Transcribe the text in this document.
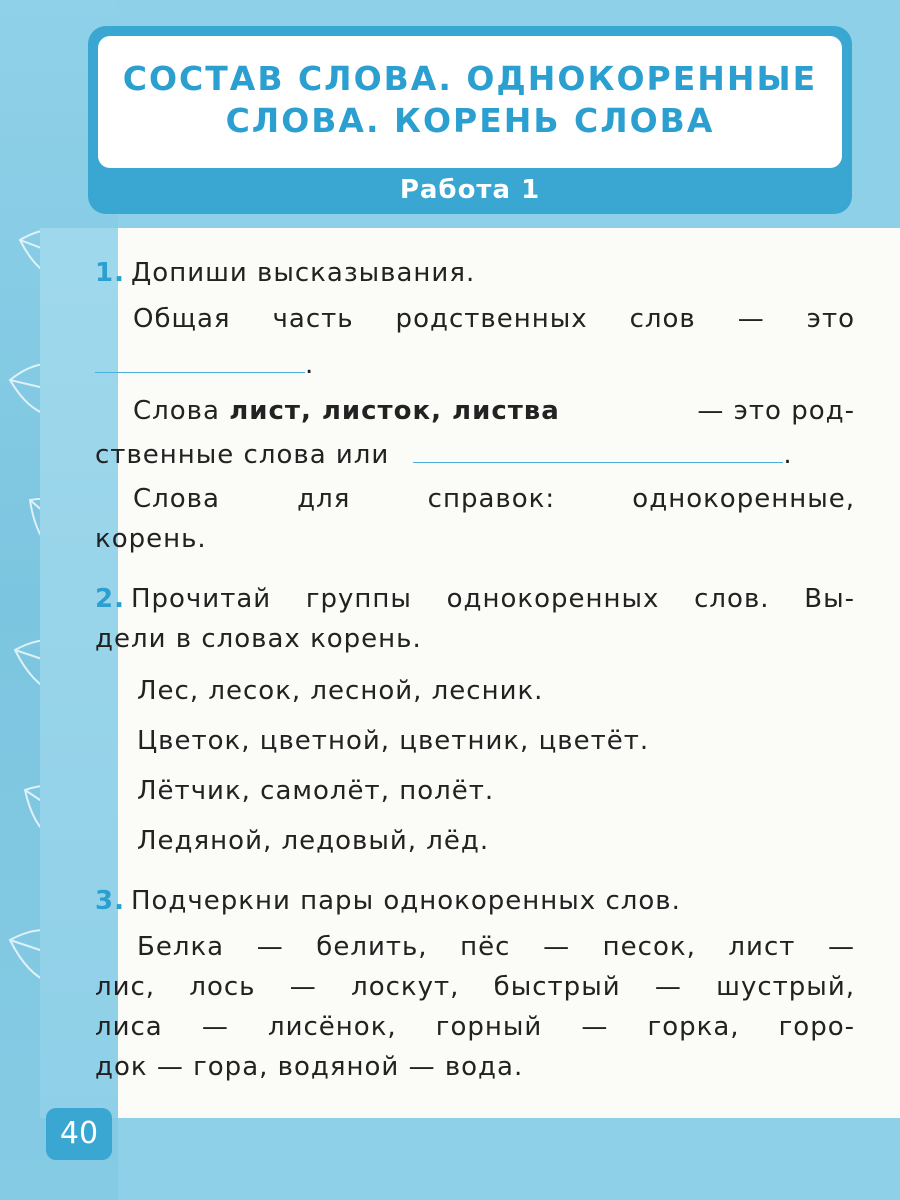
СОСТАВ СЛОВА. ОДНОКОРЕННЫЕ
СЛОВА. КОРЕНЬ СЛОВА
Работа 1
1. Допиши высказывания.
Общая часть родственных слов — это
.
Слова лист, листок, листва	— это род-
ственные слова или	.
Слова для справок: однокоренные,
корень.
2. Прочитай группы однокоренных слов. Вы-
дели в словах корень.
Лес, лесок, лесной, лесник.
Цветок, цветной, цветник, цветёт.
Лётчик, самолёт, полёт.
Ледяной, ледовый, лёд.
3. Подчеркни пары однокоренных слов.
Белка — белить, пёс — песок, лист —
лис, лось — лоскут, быстрый — шустрый,
лиса — лисёнок, горный — горка, горо-
док — гора, водяной — вода.
40
